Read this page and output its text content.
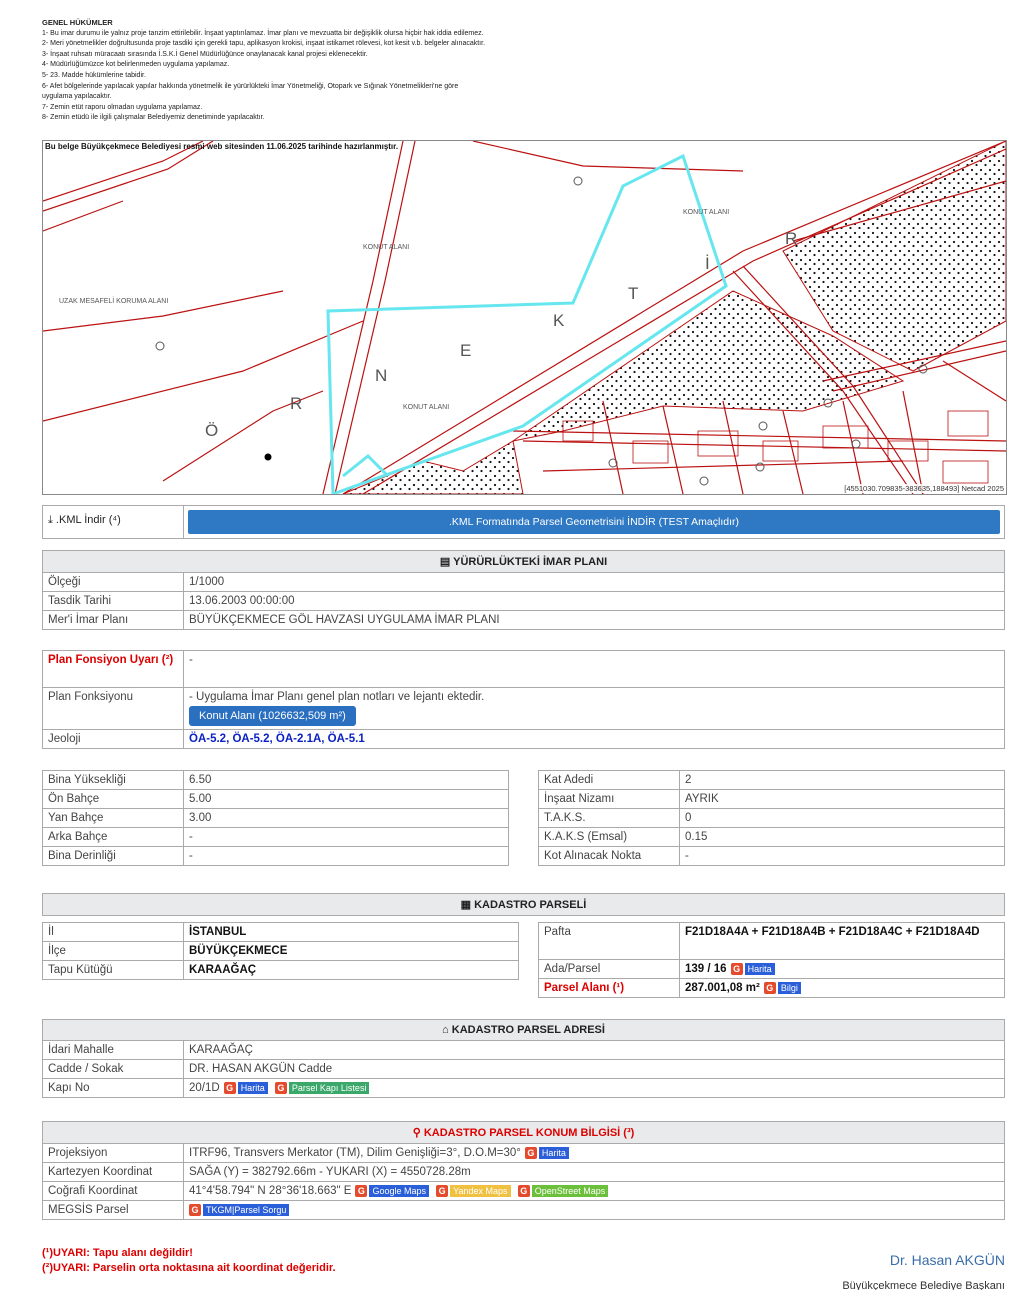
GENEL HÜKÜMLER
1- Bu imar durumu ile yalnız proje tanzim ettirilebilir. İnşaat yaptırılamaz. İmar planı ve mevzuatta bir değişiklik olursa hiçbir hak iddia edilemez.
2- Meri yönetmelikler doğrultusunda proje tasdiki için gerekli tapu, aplikasyon krokisi, inşaat istikamet rölevesi, kot kesit v.b. belgeler alınacaktır.
3- İnşaat ruhsatı müracaatı sırasında İ.S.K.İ Genel Müdürlüğünce onaylanacak kanal projesi eklenecektir.
4- Müdürlüğümüzce kot belirlenmeden uygulama yapılamaz.
5- 23. Madde hükümlerine tabidir.
6- Afet bölgelerinde yapılacak yapılar hakkında yönetmelik ile yürürlükteki İmar Yönetmeliği, Otopark ve Sığınak Yönetmelikleri'ne göre
uygulama yapılacaktır.
7- Zemin etüt raporu olmadan uygulama yapılamaz.
8- Zemin etüdü ile ilgili çalışmalar Belediyemiz denetiminde yapılacaktır.
Ö
R
N
E
K
T
İ
R
UZAK MESAFELİ KORUMA ALANI
KONUT ALANI
KONUT ALANI
KONUT ALANI
Bu belge Büyükçekmece Belediyesi resmi web sitesinden 11.06.2025 tarihinde hazırlanmıştır.
[4551030.709835-383635,188493] Netcad 2025
⤓ .KML İndir (⁴)	.KML Formatında Parsel Geometrisini İNDİR (TEST Amaçlıdır)
▤ YÜRÜRLÜKTEKİ İMAR PLANI	
Ölçeği	1/1000
Tasdik Tarihi	13.06.2003 00:00:00
Mer'i İmar Planı	BÜYÜKÇEKMECE GÖL HAVZASI UYGULAMA İMAR PLANI
Plan Fonsiyon Uyarı (²)	-
Plan Fonksiyonu	- Uygulama İmar Planı genel plan notları ve lejantı ektedir.
Konut Alanı (1026632,509 m²)
Jeoloji	ÖA-5.2, ÖA-5.2, ÖA-2.1A, ÖA-5.1
Bina Yüksekliği	6.50
Ön Bahçe	5.00
Yan Bahçe	3.00
Arka Bahçe	-
Bina Derinliği	-
Kat Adedi	2
İnşaat Nizamı	AYRIK
T.A.K.S.	0
K.A.K.S (Emsal)	0.15
Kot Alınacak Nokta	-
▦ KADASTRO PARSELİ
İl	İSTANBUL
İlçe	BÜYÜKÇEKMECE
Tapu Kütüğü	KARAAĞAÇ
Pafta	F21D18A4A + F21D18A4B + F21D18A4C + F21D18A4D
Ada/Parsel	139 / 16 G Harita
Parsel Alanı (¹)	287.001,08 m² G Bilgi
⌂ KADASTRO PARSEL ADRESİ	
İdari Mahalle	KARAAĞAÇ
Cadde / Sokak	DR. HASAN AKGÜN Cadde
Kapı No	20/1D G Harita G Parsel Kapı Listesi
⚲ KADASTRO PARSEL KONUM BİLGİSİ (³)	
Projeksiyon	ITRF96, Transvers Merkator (TM), Dilim Genişliği=3°, D.O.M=30° G Harita
Kartezyen Koordinat	SAĞA (Y) = 382792.66m - YUKARI (X) = 4550728.28m
Coğrafi Koordinat	41°4'58.794" N 28°36'18.663" E G Google Maps G Yandex Maps G OpenStreet Maps
MEGSİS Parsel	G TKGM|Parsel Sorgu
(¹)UYARI: Tapu alanı değildir!
(²)UYARI: Parselin orta noktasına ait koordinat değeridir.	Dr. Hasan AKGÜN
Büyükçekmece Belediye Başkanı
